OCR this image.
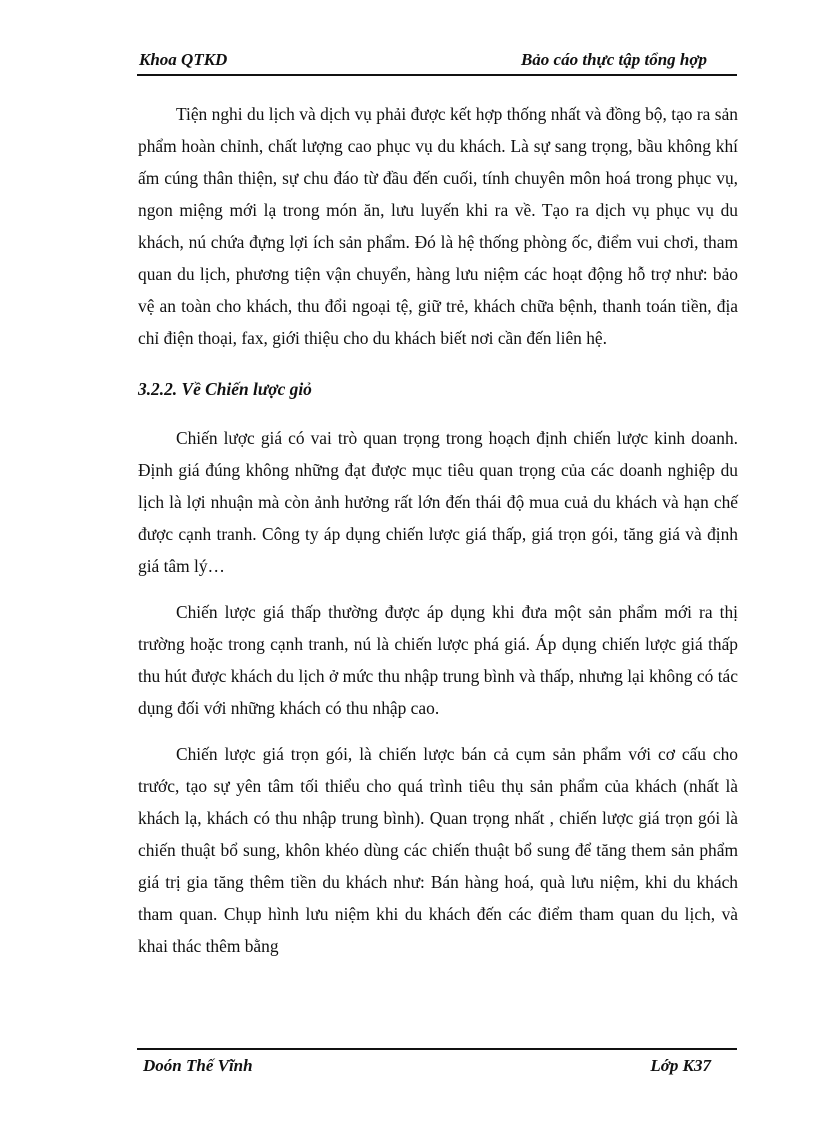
Khoa QTKD	Bảo cáo thực tập tổng hợp

Tiện nghi du lịch và dịch vụ phải được kết hợp thống nhất và đồng bộ, tạo ra sản phẩm hoàn chỉnh, chất lượng cao phục vụ du khách. Là sự sang trọng, bầu không khí ấm cúng thân thiện, sự chu đáo từ đầu đến cuối, tính chuyên môn hoá trong phục vụ, ngon miệng mới lạ trong món ăn, lưu luyến khi ra về. Tạo ra dịch vụ phục vụ du khách, nú chứa đựng lợi ích sản phẩm. Đó là hệ thống phòng ốc, điểm vui chơi, tham quan du lịch, phương tiện vận chuyển, hàng lưu niệm các hoạt động hỗ trợ như: bảo vệ an toàn cho khách, thu đổi ngoại tệ, giữ trẻ, khách chữa bệnh, thanh toán tiền, địa chỉ điện thoại, fax, giới thiệu cho du khách biết nơi cần đến liên hệ.

3.2.2. Về Chiến lược giỏ

Chiến lược giá có vai trò quan trọng trong hoạch định chiến lược kinh doanh. Định giá đúng không những đạt được mục tiêu quan trọng của các doanh nghiệp du lịch là lợi nhuận mà còn ảnh hưởng rất lớn đến thái độ mua cuả du khách và hạn chế được cạnh tranh. Công ty áp dụng chiến lược giá thấp, giá trọn gói, tăng giá và định giá tâm lý…

Chiến lược giá thấp thường được áp dụng khi đưa một sản phẩm mới ra thị trường hoặc trong cạnh tranh, nú là chiến lược phá giá. Áp dụng chiến lược giá thấp thu hút được khách du lịch ở mức thu nhập trung bình và thấp, nhưng lại không có tác dụng đối với những khách có thu nhập cao.

Chiến lược giá trọn gói, là chiến lược bán cả cụm sản phẩm với cơ cấu cho trước, tạo sự yên tâm tối thiểu cho quá trình tiêu thụ sản phẩm của khách (nhất là khách lạ, khách có thu nhập trung bình). Quan trọng nhất , chiến lược giá trọn gói là chiến thuật bổ sung, khôn khéo dùng các chiến thuật bổ sung để tăng them sản phẩm giá trị gia tăng thêm tiền du khách như: Bán hàng hoá, quà lưu niệm, khi du khách tham quan. Chụp hình lưu niệm khi du khách đến các điểm tham quan du lịch, và khai thác thêm bằng

Doón Thế Vĩnh	Lớp K37
